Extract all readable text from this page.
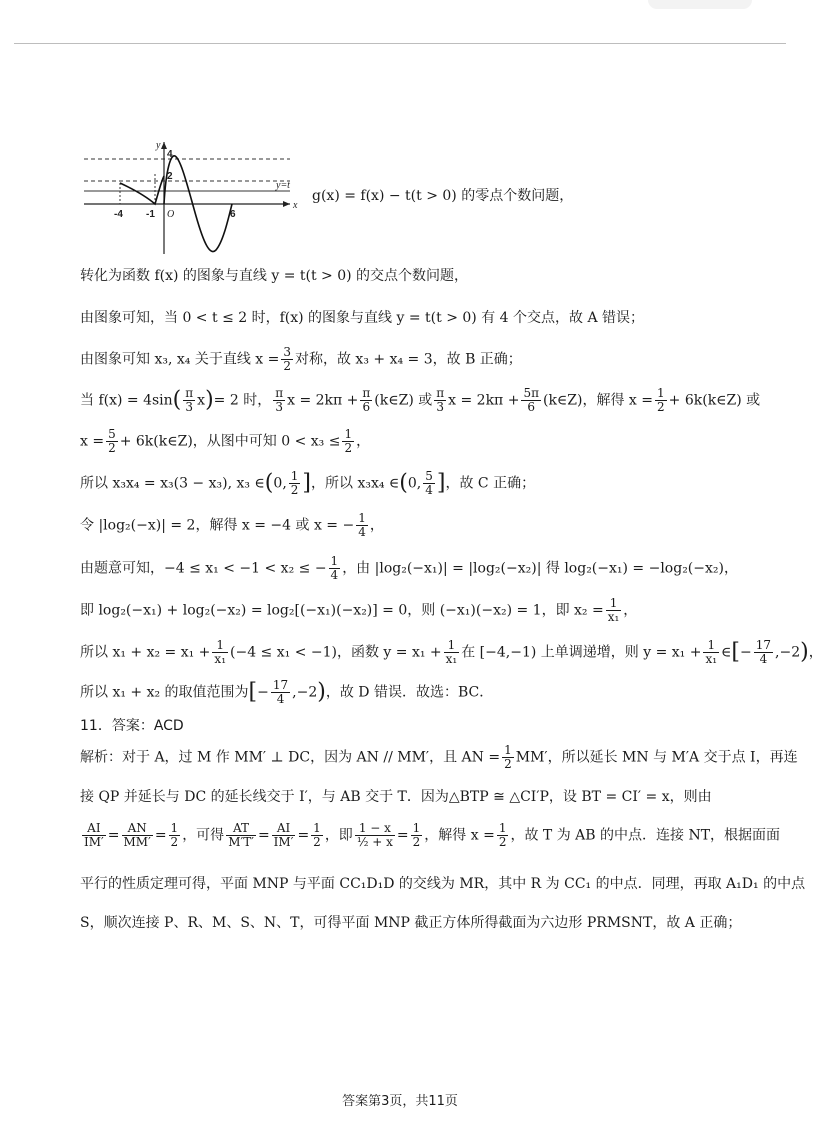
y
x
y=t
4
2
-4 -1 O	6
g(x) = f(x) − t(t > 0) 的零点个数问题，
转化为函数 f(x) 的图象与直线 y = t(t > 0) 的交点个数问题，
由图象可知，当 0 < t ≤ 2 时，f(x) 的图象与直线 y = t(t > 0) 有 4 个交点，故 A 错误；
由图象可知 x₃, x₄ 关于直线 $x = \frac{3}{2}$ 对称，故 x₃ + x₄ = 3，故 B 正确；
当 $f(x) = 4\sin( \frac{\pi}{3} x)= 2$ 时， $\frac{\pi}{3}$ $x = 2k\pi + \frac{\pi}{6}$ (k∈Z) 或 $\frac{\pi}{3}$ $x = 2k\pi + \frac{5\pi}{6}$ (k∈Z)，解得 $x = \frac{1}{2}$ + 6k(k∈Z) 或
$x = \frac{5}{2}$ + 6k(k∈Z)，从图中可知 $0 < x_3 \le \frac{1}{2}$ ，
所以 x₃x₄ = x₃(3 − x₃), x₃ ∈(0, $\frac{1}{2}$ ]，所以 x₃x₄ ∈(0, $\frac{5}{4}$ ]，故 C 正确；
令 |log₂(−x)| = 2，解得 x = −4 或 x = − $\frac{1}{4}$ ，
由题意可知，−4 ≤ x₁ < −1 < x₂ ≤ − $\frac{1}{4}$ ，由 |log₂(−x₁)| = |log₂(−x₂)| 得 log₂(−x₁) = −log₂(−x₂)，
即 log₂(−x₁) + log₂(−x₂) = log₂[(−x₁)(−x₂)] = 0，则 (−x₁)(−x₂) = 1，即 $x_2 = \frac{1}{\text{x₁}}$ ，
所以 $x_1 + x_2 = x_1 + \frac{1}{\text{x₁}} (-4 \le x_1 < -1)$，函数 $y = x_1 + \frac{1}{\text{x₁}}$ 在 [−4,−1) 上单调递增，则 $y = x_1 + \frac{1}{\text{x₁}}$ ∈[− $\frac{17}{4} ,-2$)，
所以 x₁ + x₂ 的取值范围为[− $\frac{17}{4} ,-2$)，故 D 错误．故选：BC．
11．答案：ACD
解析：对于 A，过 M 作 MM′ ⊥ DC，因为 AN // MM′，且 AN = $\frac{1}{2} MM'$，所以延长 MN 与 M′A 交于点 I，再连
接 QP 并延长与 DC 的延长线交于 I′，与 AB 交于 T．因为△BTP ≅ △CI′P，设 BT = CI′ = x，则由
$\frac{AI}{IM'} = \frac{AN}{MM'} = \frac{1}{2}$ ，可得 $\frac{AT}{M'T'} = \frac{AI}{IM'} = \frac{1}{2}$ ，即 $\frac{1 - x}{\text{½ + x}} = \frac{1}{2}$ ，解得 $x = \frac{1}{2}$ ，故 T 为 AB 的中点．连接 NT，根据面面
平行的性质定理可得，平面 MNP 与平面 CC₁D₁D 的交线为 MR，其中 R 为 CC₁ 的中点．同理，再取 A₁D₁ 的中点
S，顺次连接 P、R、M、S、N、T，可得平面 MNP 截正方体所得截面为六边形 PRMSNT，故 A 正确；
答案第3页，共11页
